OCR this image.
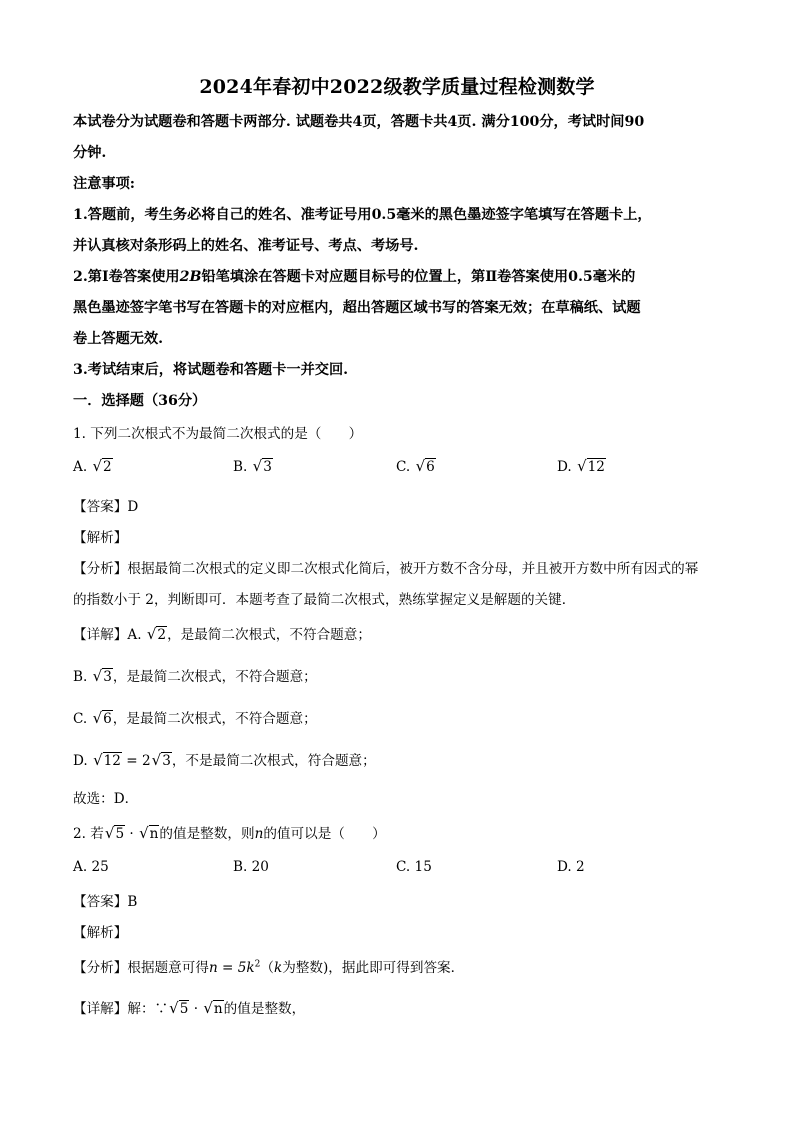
2024年春初中2022级教学质量过程检测数学
本试卷分为试题卷和答题卡两部分. 试题卷共4页，答题卡共4页. 满分100分，考试时间90
分钟.
注意事项:
1.答题前，考生务必将自己的姓名、准考证号用0.5毫米的黑色墨迹签字笔填写在答题卡上，
并认真核对条形码上的姓名、准考证号、考点、考场号.
2.第Ⅰ卷答案使用2B铅笔填涂在答题卡对应题目标号的位置上，第Ⅱ卷答案使用0.5毫米的
黑色墨迹签字笔书写在答题卡的对应框内，超出答题区域书写的答案无效；在草稿纸、试题
卷上答题无效.
3.考试结束后，将试题卷和答题卡一并交回.
一．选择题（36分）
1. 下列二次根式不为最简二次根式的是（　　）
A. √2	B. √3	C. √6	D. √12
【答案】D
【解析】
【分析】根据最简二次根式的定义即二次根式化简后，被开方数不含分母，并且被开方数中所有因式的幂
的指数小于 2，判断即可．本题考查了最简二次根式，熟练掌握定义是解题的关键．
【详解】A. √2，是最简二次根式，不符合题意；
B. √3，是最简二次根式，不符合题意；
C. √6，是最简二次根式，不符合题意；
D. √12 = 2√3，不是最简二次根式，符合题意；
故选：D．
2. 若√5 · √n的值是整数，则n的值可以是（　　）
A. 25	B. 20	C. 15	D. 2
【答案】B
【解析】
【分析】根据题意可得$n = 5k^2(k$为整数)，据此即可得到答案．
【详解】解：∵√5 · √n的值是整数，
